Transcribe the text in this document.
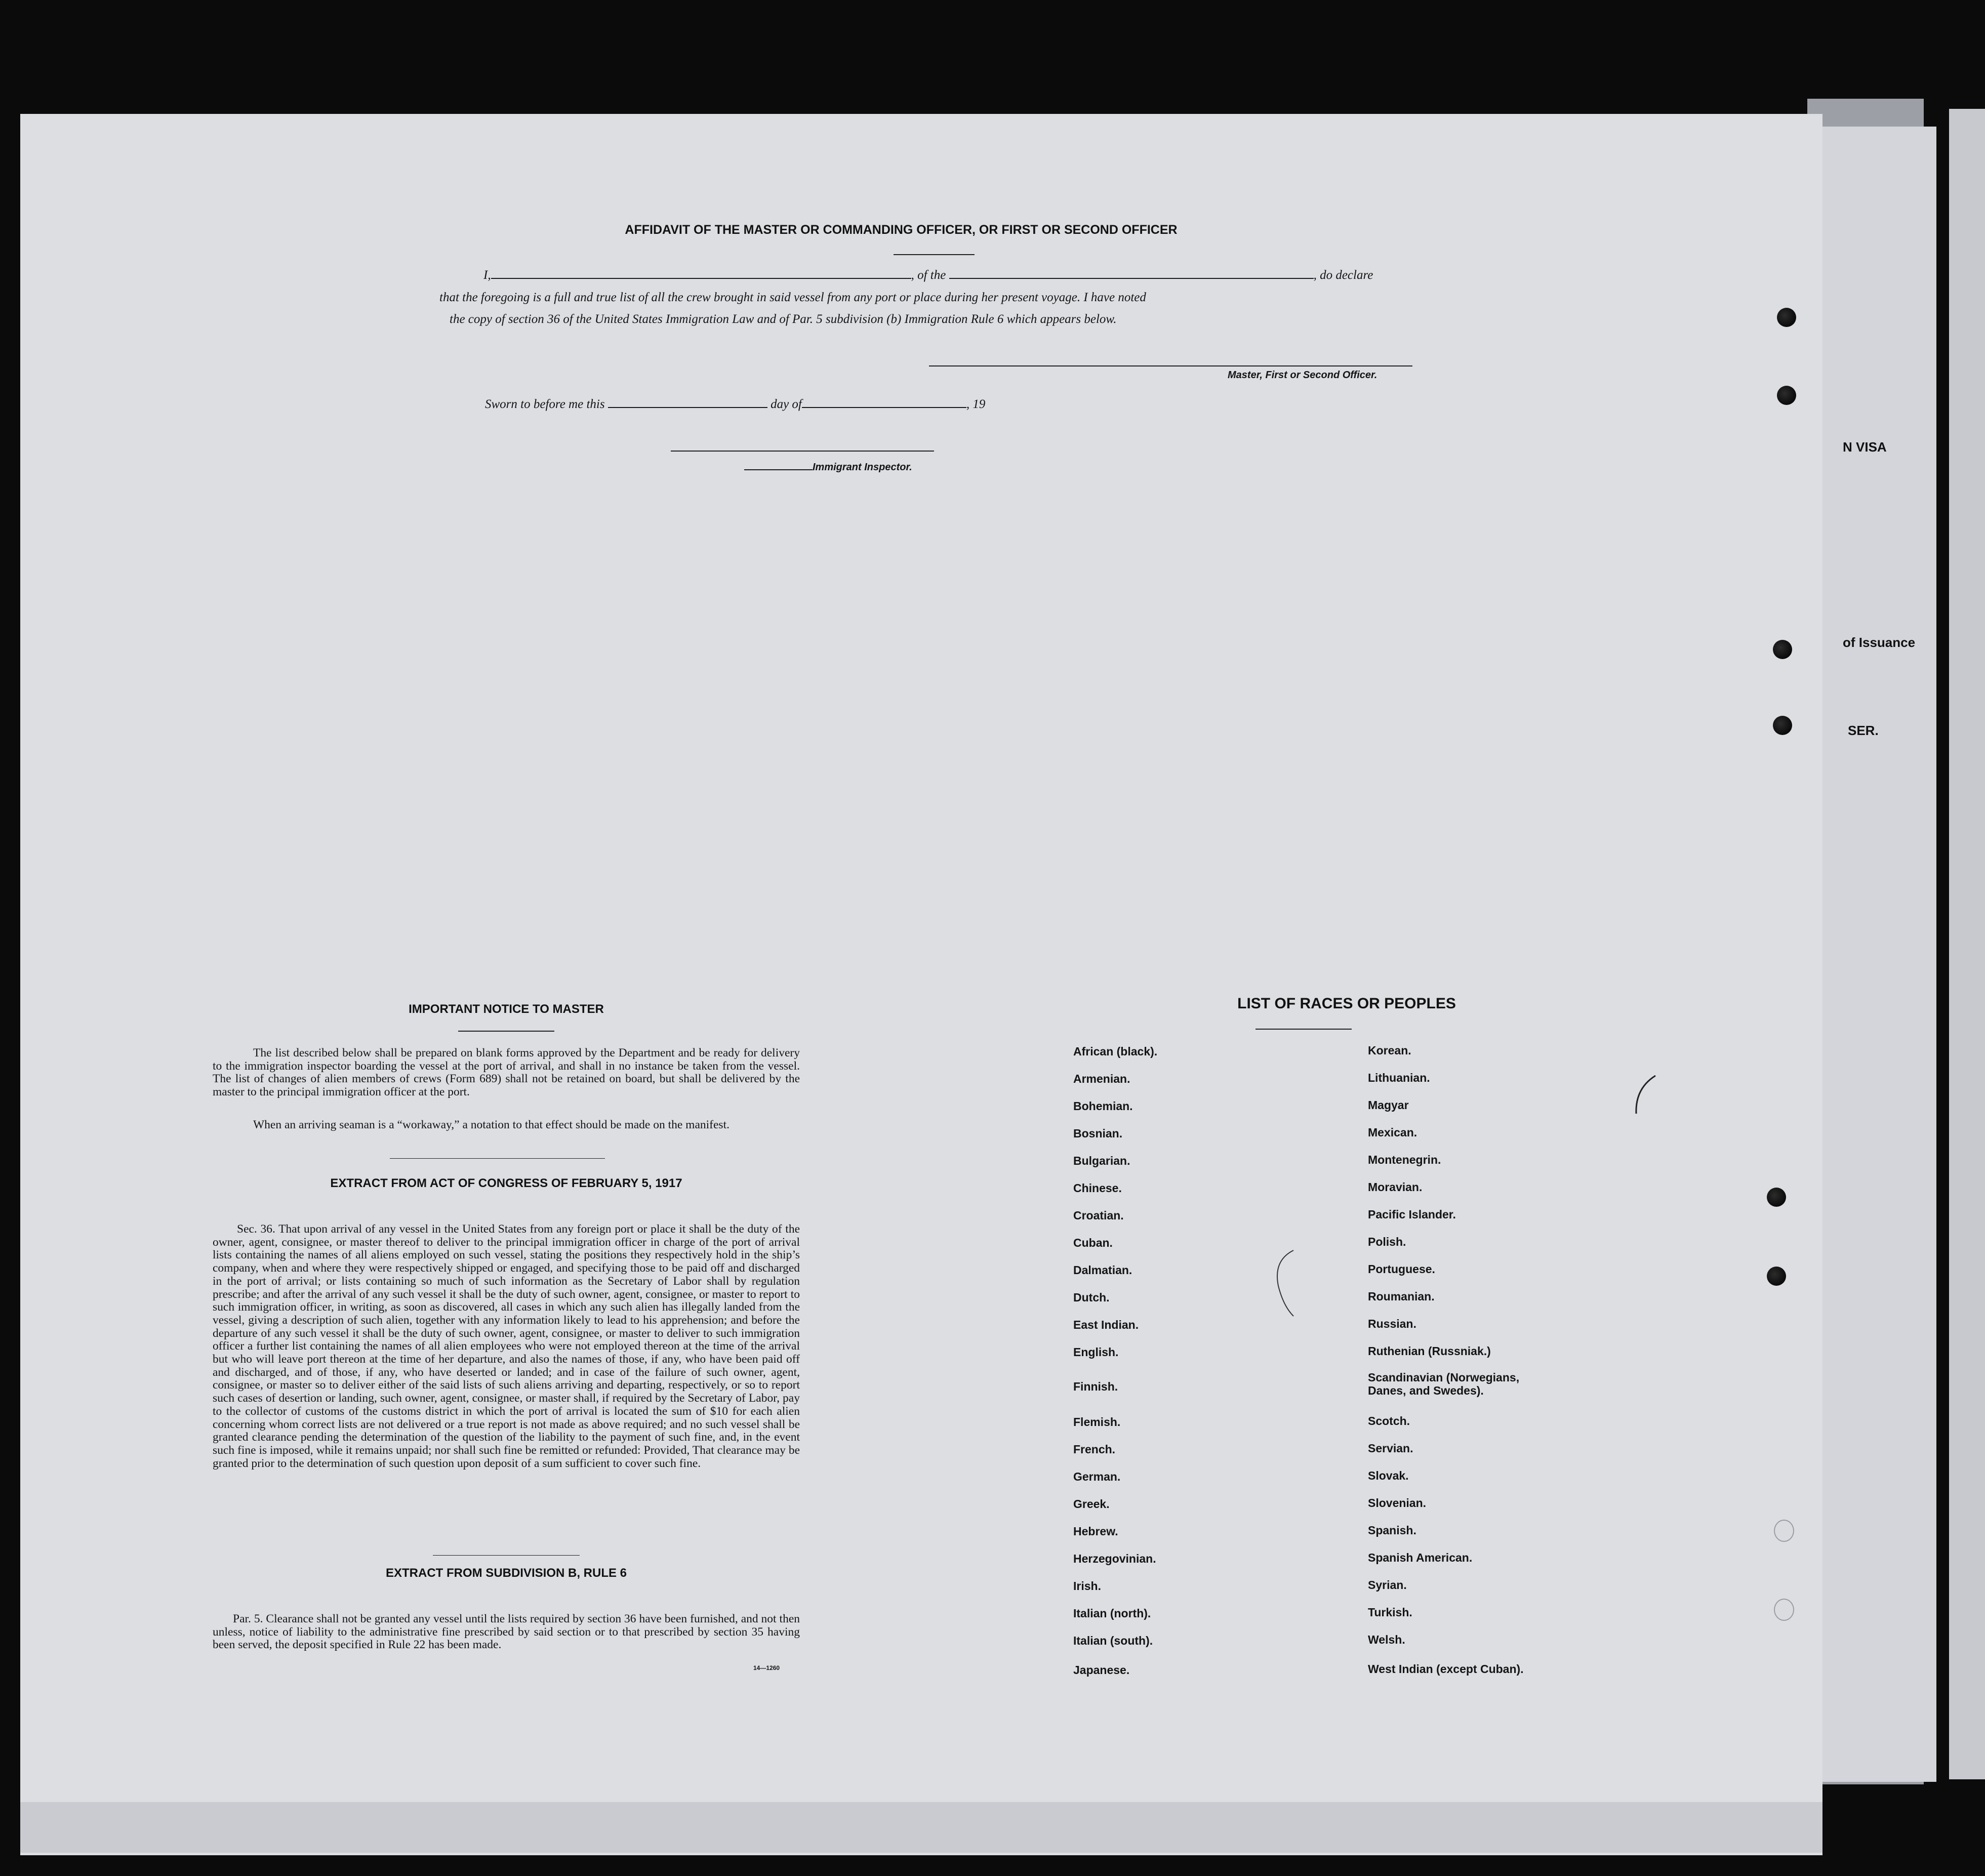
N VISA
of Issuance
SER.
AFFIDAVIT OF THE MASTER OR COMMANDING OFFICER, OR FIRST OR SECOND OFFICER
I,	, of the	, do declare
that the foregoing is a full and true list of all the crew brought in said vessel from any port or place during her present voyage. I have noted
the copy of section 36 of the United States Immigration Law and of Par. 5 subdivision (b) Immigration Rule 6 which appears below.
Master, First or Second Officer.
Sworn to before me this	day of	, 19
Immigrant Inspector.
IMPORTANT NOTICE TO MASTER
The list described below shall be prepared on blank forms approved by the Department and be ready for delivery to the immigration inspector boarding the vessel at the port of arrival, and shall in no instance be taken from the vessel. The list of changes of alien members of crews (Form 689) shall not be retained on board, but shall be delivered by the master to the principal immigration officer at the port.
When an arriving seaman is a “workaway,” a notation to that effect should be made on the manifest.
EXTRACT FROM ACT OF CONGRESS OF FEBRUARY 5, 1917
Sec. 36. That upon arrival of any vessel in the United States from any foreign port or place it shall be the duty of the owner, agent, consignee, or master thereof to deliver to the principal immigration officer in charge of the port of arrival lists containing the names of all aliens employed on such vessel, stating the positions they respectively hold in the ship’s company, when and where they were respectively shipped or engaged, and specifying those to be paid off and discharged in the port of arrival; or lists containing so much of such information as the Secretary of Labor shall by regulation prescribe; and after the arrival of any such vessel it shall be the duty of such owner, agent, consignee, or master to report to such immigration officer, in writing, as soon as discovered, all cases in which any such alien has illegally landed from the vessel, giving a description of such alien, together with any information likely to lead to his apprehension; and before the departure of any such vessel it shall be the duty of such owner, agent, consignee, or master to deliver to such immigration officer a further list containing the names of all alien employees who were not employed thereon at the time of the arrival but who will leave port thereon at the time of her departure, and also the names of those, if any, who have been paid off and discharged, and of those, if any, who have deserted or landed; and in case of the failure of such owner, agent, consignee, or master so to deliver either of the said lists of such aliens arriving and departing, respectively, or so to report such cases of desertion or landing, such owner, agent, consignee, or master shall, if required by the Secretary of Labor, pay to the collector of customs of the customs district in which the port of arrival is located the sum of $10 for each alien concerning whom correct lists are not delivered or a true report is not made as above required; and no such vessel shall be granted clearance pending the determination of the question of the liability to the payment of such fine, and, in the event such fine is imposed, while it remains unpaid; nor shall such fine be remitted or refunded: Provided, That clearance may be granted prior to the determination of such question upon deposit of a sum sufficient to cover such fine.
EXTRACT FROM SUBDIVISION B, RULE 6
Par. 5. Clearance shall not be granted any vessel until the lists required by section 36 have been furnished, and not then unless, notice of liability to the administrative fine prescribed by said section or to that prescribed by section 35 having been served, the deposit specified in Rule 22 has been made.
14—1260
LIST OF RACES OR PEOPLES
African (black).
Armenian.
Bohemian.
Bosnian.
Bulgarian.
Chinese.
Croatian.
Cuban.
Dalmatian.
Dutch.
East Indian.
English.
Finnish.
Flemish.
French.
German.
Greek.
Hebrew.
Herzegovinian.
Irish.
Italian (north).
Italian (south).
Japanese.
Korean.
Lithuanian.
Magyar
Mexican.
Montenegrin.
Moravian.
Pacific Islander.
Polish.
Portuguese.
Roumanian.
Russian.
Ruthenian (Russniak.)
Scandinavian (Norwegians, Danes, and Swedes).
Scotch.
Servian.
Slovak.
Slovenian.
Spanish.
Spanish American.
Syrian.
Turkish.
Welsh.
West Indian (except Cuban).
